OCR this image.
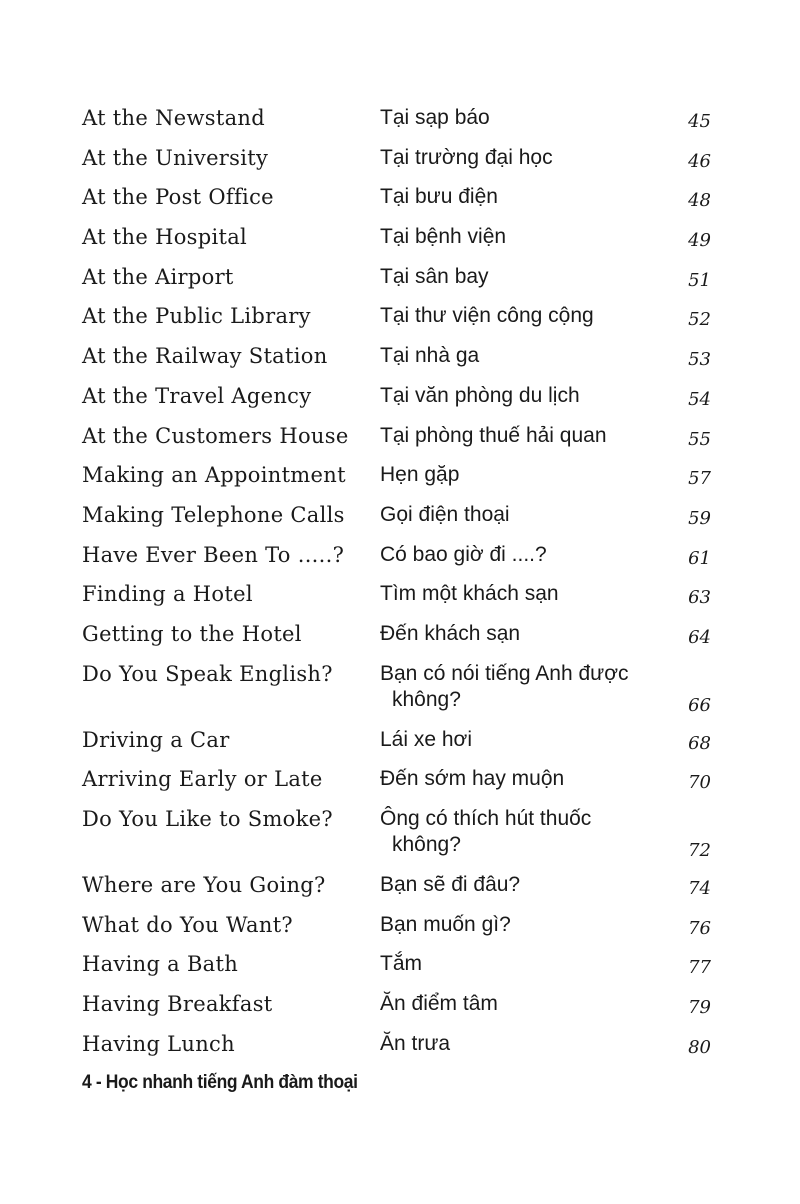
At the Newstand	Tại sạp báo	45
At the University	Tại trường đại học	46
At the Post Office	Tại bưu điện	48
At the Hospital	Tại bệnh viện	49
At the Airport	Tại sân bay	51
At the Public Library	Tại thư viện công cộng	52
At the Railway Station	Tại nhà ga	53
At the Travel Agency	Tại văn phòng du lịch	54
At the Customers House	Tại phòng thuế hải quan	55
Making an Appointment	Hẹn gặp	57
Making Telephone Calls	Gọi điện thoại	59
Have Ever Been To .....?	Có bao giờ đi ....?	61
Finding a Hotel	Tìm một khách sạn	63
Getting to the Hotel	Đến khách sạn	64
Do You Speak English?	Bạn có nói tiếng Anh được
không?	66
Driving a Car	Lái xe hơi	68
Arriving Early or Late	Đến sớm hay muộn	70
Do You Like to Smoke?	Ông có thích hút thuốc
không?	72
Where are You Going?	Bạn sẽ đi đâu?	74
What do You Want?	Bạn muốn gì?	76
Having a Bath	Tắm	77
Having Breakfast	Ăn điểm tâm	79
Having Lunch	Ăn trưa	80
4 - Học nhanh tiếng Anh đàm thoại
